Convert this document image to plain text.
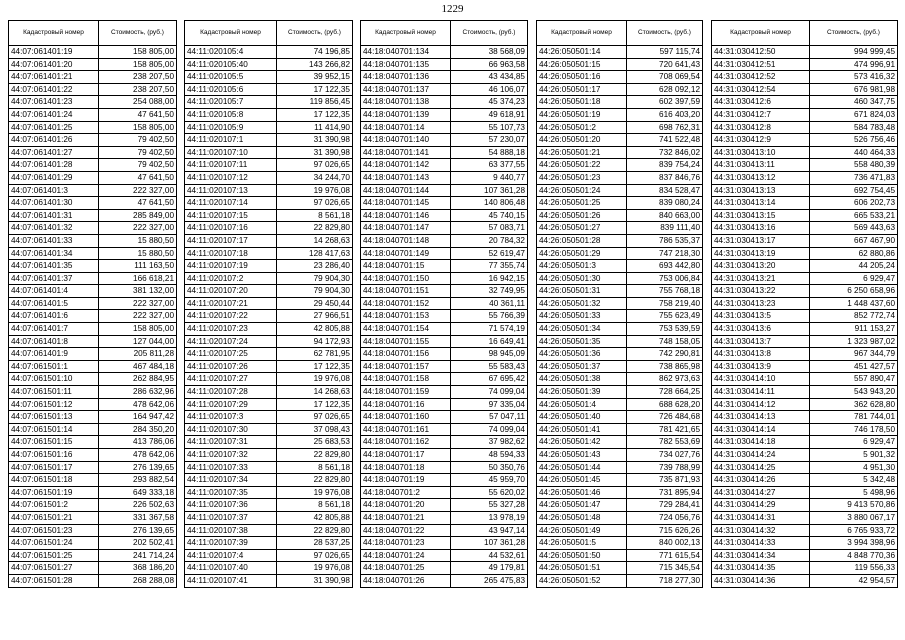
1229
Кадастровый номер	Стоимость, (руб.)
44:07:061401:19	158 805,00
44:07:061401:20	158 805,00
44:07:061401:21	238 207,50
44:07:061401:22	238 207,50
44:07:061401:23	254 088,00
44:07:061401:24	47 641,50
44:07:061401:25	158 805,00
44:07:061401:26	79 402,50
44:07:061401:27	79 402,50
44:07:061401:28	79 402,50
44:07:061401:29	47 641,50
44:07:061401:3	222 327,00
44:07:061401:30	47 641,50
44:07:061401:31	285 849,00
44:07:061401:32	222 327,00
44:07:061401:33	15 880,50
44:07:061401:34	15 880,50
44:07:061401:35	111 163,50
44:07:061401:37	166 618,21
44:07:061401:4	381 132,00
44:07:061401:5	222 327,00
44:07:061401:6	222 327,00
44:07:061401:7	158 805,00
44:07:061401:8	127 044,00
44:07:061401:9	205 811,28
44:07:061501:1	467 484,18
44:07:061501:10	262 884,95
44:07:061501:11	286 632,96
44:07:061501:12	478 642,06
44:07:061501:13	164 947,42
44:07:061501:14	284 350,20
44:07:061501:15	413 786,06
44:07:061501:16	478 642,06
44:07:061501:17	276 139,65
44:07:061501:18	293 882,54
44:07:061501:19	649 333,18
44:07:061501:2	226 502,63
44:07:061501:21	331 367,58
44:07:061501:23	276 139,65
44:07:061501:24	202 502,41
44:07:061501:25	241 714,24
44:07:061501:27	368 186,20
44:07:061501:28	268 288,08
Кадастровый номер	Стоимость, (руб.)
44:11:020105:4	74 196,85
44:11:020105:40	143 266,82
44:11:020105:5	39 952,15
44:11:020105:6	17 122,35
44:11:020105:7	119 856,45
44:11:020105:8	17 122,35
44:11:020105:9	11 414,90
44:11:020107:1	31 390,98
44:11:020107:10	31 390,98
44:11:020107:11	97 026,65
44:11:020107:12	34 244,70
44:11:020107:13	19 976,08
44:11:020107:14	97 026,65
44:11:020107:15	8 561,18
44:11:020107:16	22 829,80
44:11:020107:17	14 268,63
44:11:020107:18	128 417,63
44:11:020107:19	23 286,40
44:11:020107:2	79 904,30
44:11:020107:20	79 904,30
44:11:020107:21	29 450,44
44:11:020107:22	27 966,51
44:11:020107:23	42 805,88
44:11:020107:24	94 172,93
44:11:020107:25	62 781,95
44:11:020107:26	17 122,35
44:11:020107:27	19 976,08
44:11:020107:28	14 268,63
44:11:020107:29	17 122,35
44:11:020107:3	97 026,65
44:11:020107:30	37 098,43
44:11:020107:31	25 683,53
44:11:020107:32	22 829,80
44:11:020107:33	8 561,18
44:11:020107:34	22 829,80
44:11:020107:35	19 976,08
44:11:020107:36	8 561,18
44:11:020107:37	42 805,88
44:11:020107:38	22 829,80
44:11:020107:39	28 537,25
44:11:020107:4	97 026,65
44:11:020107:40	19 976,08
44:11:020107:41	31 390,98
Кадастровый номер	Стоимость, (руб.)
44:18:040701:134	38 568,09
44:18:040701:135	66 963,58
44:18:040701:136	43 434,85
44:18:040701:137	46 106,07
44:18:040701:138	45 374,23
44:18:040701:139	49 618,91
44:18:040701:14	55 107,73
44:18:040701:140	57 230,07
44:18:040701:141	54 888,18
44:18:040701:142	63 377,55
44:18:040701:143	9 440,77
44:18:040701:144	107 361,28
44:18:040701:145	140 806,48
44:18:040701:146	45 740,15
44:18:040701:147	57 083,71
44:18:040701:148	20 784,32
44:18:040701:149	52 619,47
44:18:040701:15	77 355,74
44:18:040701:150	16 942,15
44:18:040701:151	32 749,95
44:18:040701:152	40 361,11
44:18:040701:153	55 766,39
44:18:040701:154	71 574,19
44:18:040701:155	16 649,41
44:18:040701:156	98 945,09
44:18:040701:157	55 583,43
44:18:040701:158	67 695,42
44:18:040701:159	74 099,04
44:18:040701:16	97 335,04
44:18:040701:160	57 047,11
44:18:040701:161	74 099,04
44:18:040701:162	37 982,62
44:18:040701:17	48 594,33
44:18:040701:18	50 350,76
44:18:040701:19	45 959,70
44:18:040701:2	55 620,02
44:18:040701:20	55 327,28
44:18:040701:21	13 978,19
44:18:040701:22	43 947,14
44:18:040701:23	107 361,28
44:18:040701:24	44 532,61
44:18:040701:25	49 179,81
44:18:040701:26	265 475,83
Кадастровый номер	Стоимость, (руб.)
44:26:050501:14	597 115,74
44:26:050501:15	720 641,43
44:26:050501:16	708 069,54
44:26:050501:17	628 092,12
44:26:050501:18	602 397,59
44:26:050501:19	616 403,20
44:26:050501:2	698 762,31
44:26:050501:20	741 522,48
44:26:050501:21	732 846,02
44:26:050501:22	839 754,24
44:26:050501:23	837 846,76
44:26:050501:24	834 528,47
44:26:050501:25	839 080,24
44:26:050501:26	840 663,00
44:26:050501:27	839 111,40
44:26:050501:28	786 535,37
44:26:050501:29	747 218,30
44:26:050501:3	693 442,80
44:26:050501:30	753 006,84
44:26:050501:31	755 768,18
44:26:050501:32	758 219,40
44:26:050501:33	755 623,49
44:26:050501:34	753 539,59
44:26:050501:35	748 158,05
44:26:050501:36	742 290,81
44:26:050501:37	738 865,98
44:26:050501:38	862 973,63
44:26:050501:39	728 664,25
44:26:050501:4	688 628,20
44:26:050501:40	726 484,68
44:26:050501:41	781 421,65
44:26:050501:42	782 553,69
44:26:050501:43	734 027,76
44:26:050501:44	739 788,99
44:26:050501:45	735 871,93
44:26:050501:46	731 895,94
44:26:050501:47	729 284,41
44:26:050501:48	724 056,76
44:26:050501:49	715 626,26
44:26:050501:5	840 002,13
44:26:050501:50	771 615,54
44:26:050501:51	715 345,54
44:26:050501:52	718 277,30
Кадастровый номер	Стоимость, (руб.)
44:31:030412:50	994 999,45
44:31:030412:51	474 996,91
44:31:030412:52	573 416,32
44:31:030412:54	676 981,98
44:31:030412:6	460 347,75
44:31:030412:7	671 824,03
44:31:030412:8	584 783,48
44:31:030412:9	526 756,46
44:31:030413:10	440 464,33
44:31:030413:11	558 480,39
44:31:030413:12	736 471,83
44:31:030413:13	692 754,45
44:31:030413:14	606 202,73
44:31:030413:15	665 533,21
44:31:030413:16	569 443,63
44:31:030413:17	667 467,90
44:31:030413:19	62 880,86
44:31:030413:20	44 205,24
44:31:030413:21	6 929,47
44:31:030413:22	6 250 658,96
44:31:030413:23	1 448 437,60
44:31:030413:5	852 772,74
44:31:030413:6	911 153,27
44:31:030413:7	1 323 987,02
44:31:030413:8	967 344,79
44:31:030413:9	451 427,57
44:31:030414:10	557 890,47
44:31:030414:11	543 943,20
44:31:030414:12	362 628,80
44:31:030414:13	781 744,01
44:31:030414:14	746 178,50
44:31:030414:18	6 929,47
44:31:030414:24	5 901,32
44:31:030414:25	4 951,30
44:31:030414:26	5 342,48
44:31:030414:27	5 498,96
44:31:030414:29	9 413 570,86
44:31:030414:31	3 880 067,17
44:31:030414:32	6 765 933,72
44:31:030414:33	3 994 398,96
44:31:030414:34	4 848 770,36
44:31:030414:35	119 556,33
44:31:030414:36	42 954,57
